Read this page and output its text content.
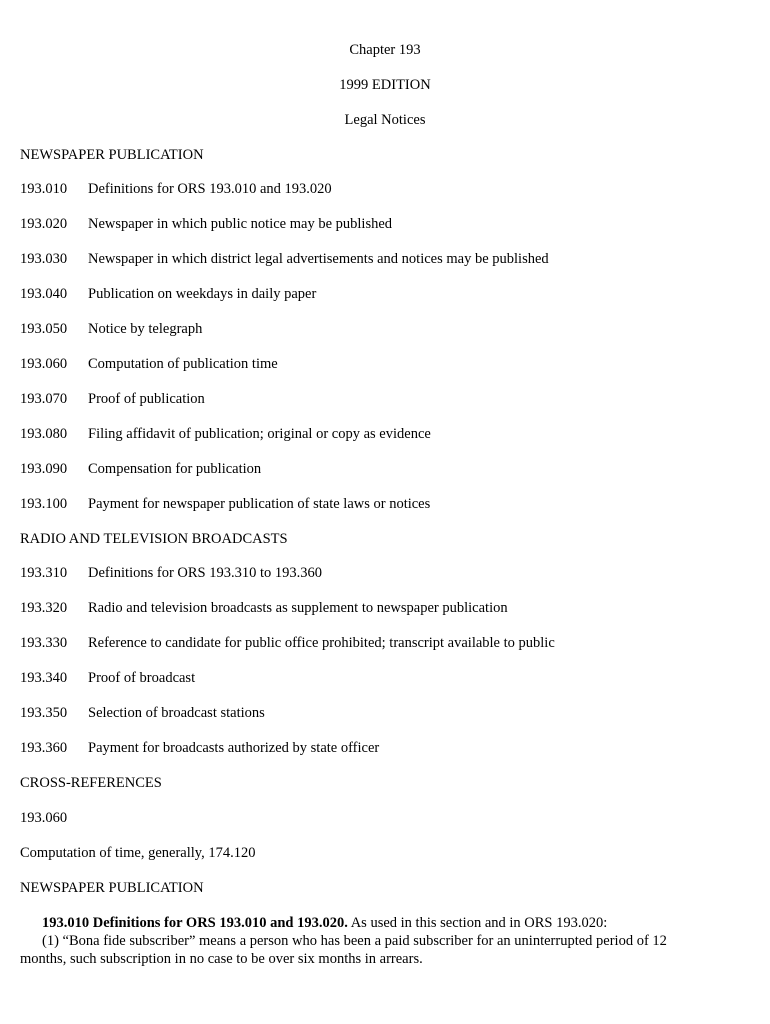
Chapter 193
1999 EDITION
Legal Notices
NEWSPAPER PUBLICATION
193.010 Definitions for ORS 193.010 and 193.020
193.020 Newspaper in which public notice may be published
193.030 Newspaper in which district legal advertisements and notices may be published
193.040 Publication on weekdays in daily paper
193.050 Notice by telegraph
193.060 Computation of publication time
193.070 Proof of publication
193.080 Filing affidavit of publication; original or copy as evidence
193.090 Compensation for publication
193.100 Payment for newspaper publication of state laws or notices
RADIO AND TELEVISION BROADCASTS
193.310 Definitions for ORS 193.310 to 193.360
193.320 Radio and television broadcasts as supplement to newspaper publication
193.330 Reference to candidate for public office prohibited; transcript available to public
193.340 Proof of broadcast
193.350 Selection of broadcast stations
193.360 Payment for broadcasts authorized by state officer
CROSS-REFERENCES
193.060
Computation of time, generally, 174.120
NEWSPAPER PUBLICATION
193.010 Definitions for ORS 193.010 and 193.020. As used in this section and in ORS 193.020:
(1) “Bona fide subscriber” means a person who has been a paid subscriber for an uninterrupted period of 12
months, such subscription in no case to be over six months in arrears.
